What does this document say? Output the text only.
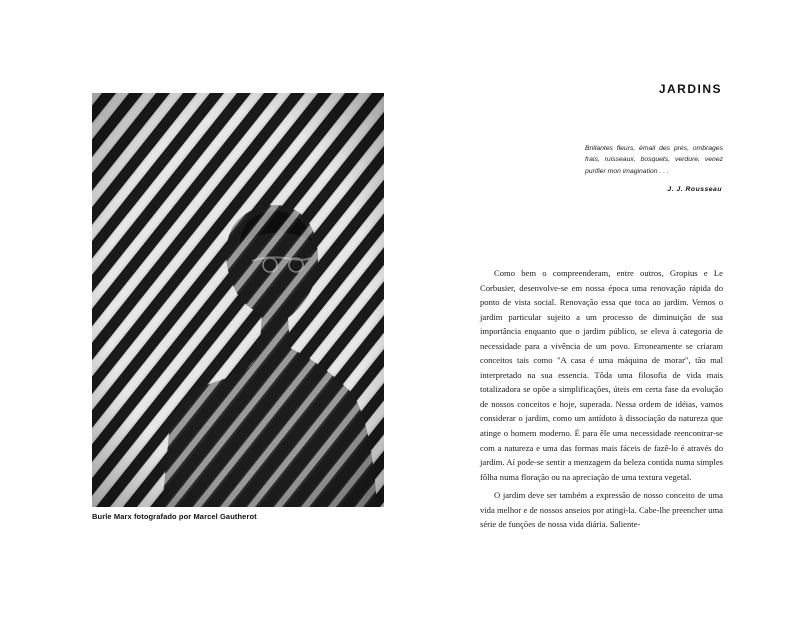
Burle Marx fotografado por Marcel Gautherot
JARDINS
Brillantes fleurs, émail des prés, ombrages frais, ruisseaux, bosquets, verdure, venez purifier mon imagination . . .
J. J. Rousseau

Como bem o compreenderam, entre outros, Gropius e Le Corbusier, desenvolve-se em nossa época uma renovação rápida do ponto de vista social. Renovação essa que toca ao jardim. Vemos o jardim particular sujeito a um processo de diminuição de sua importância enquanto que o jardim público, se eleva à categoria de necessidade para a vivência de um povo. Erroneamente se criaram conceitos tais como "A casa é uma máquina de morar", tão mal interpretado na sua essencia. Tôda uma filosofia de vida mais totalizadora se opõe a simplificações, úteis em certa fase da evolução de nossos conceitos e hoje, superada. Nessa ordem de idéias, vamos considerar o jardim, como um antídoto à dissociação da natureza que atinge o homem moderno. É para êle uma necessidade reencontrar-se com a natureza e uma das formas mais fáceis de fazê-lo é através do jardim. Aí pode-se sentir a menzagem da beleza contida numa simples fôlha numa floração ou na apreciação de uma textura vegetal.

O jardim deve ser também a expressão de nosso conceito de uma vida melhor e de nossos anseios por atingi-la. Cabe-lhe preencher uma série de funções de nossa vida diária. Saliente-
